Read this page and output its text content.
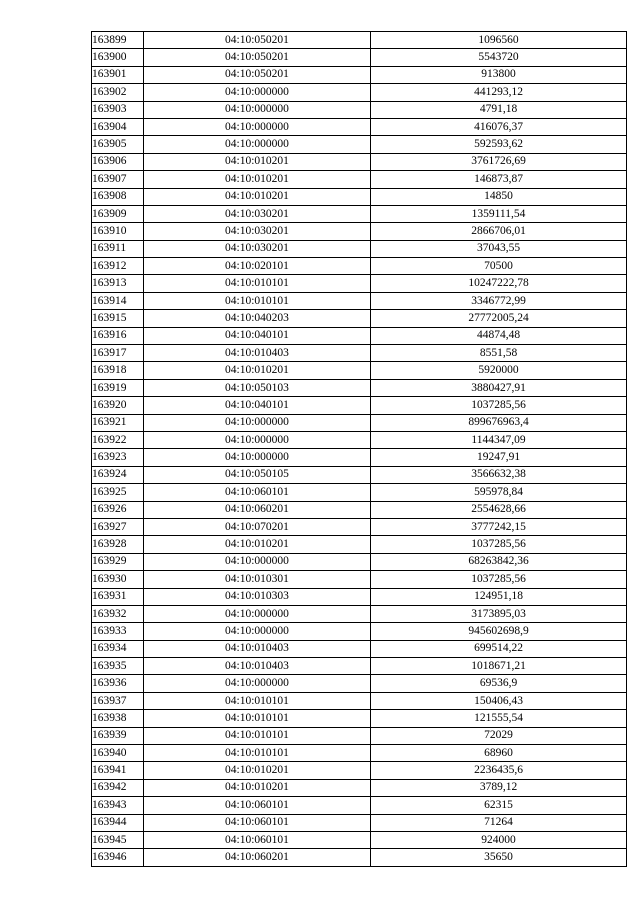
163899	04:10:050201	1096560
163900	04:10:050201	5543720
163901	04:10:050201	913800
163902	04:10:000000	441293,12
163903	04:10:000000	4791,18
163904	04:10:000000	416076,37
163905	04:10:000000	592593,62
163906	04:10:010201	3761726,69
163907	04:10:010201	146873,87
163908	04:10:010201	14850
163909	04:10:030201	1359111,54
163910	04:10:030201	2866706,01
163911	04:10:030201	37043,55
163912	04:10:020101	70500
163913	04:10:010101	10247222,78
163914	04:10:010101	3346772,99
163915	04:10:040203	27772005,24
163916	04:10:040101	44874,48
163917	04:10:010403	8551,58
163918	04:10:010201	5920000
163919	04:10:050103	3880427,91
163920	04:10:040101	1037285,56
163921	04:10:000000	899676963,4
163922	04:10:000000	1144347,09
163923	04:10:000000	19247,91
163924	04:10:050105	3566632,38
163925	04:10:060101	595978,84
163926	04:10:060201	2554628,66
163927	04:10:070201	3777242,15
163928	04:10:010201	1037285,56
163929	04:10:000000	68263842,36
163930	04:10:010301	1037285,56
163931	04:10:010303	124951,18
163932	04:10:000000	3173895,03
163933	04:10:000000	945602698,9
163934	04:10:010403	699514,22
163935	04:10:010403	1018671,21
163936	04:10:000000	69536,9
163937	04:10:010101	150406,43
163938	04:10:010101	121555,54
163939	04:10:010101	72029
163940	04:10:010101	68960
163941	04:10:010201	2236435,6
163942	04:10:010201	3789,12
163943	04:10:060101	62315
163944	04:10:060101	71264
163945	04:10:060101	924000
163946	04:10:060201	35650
